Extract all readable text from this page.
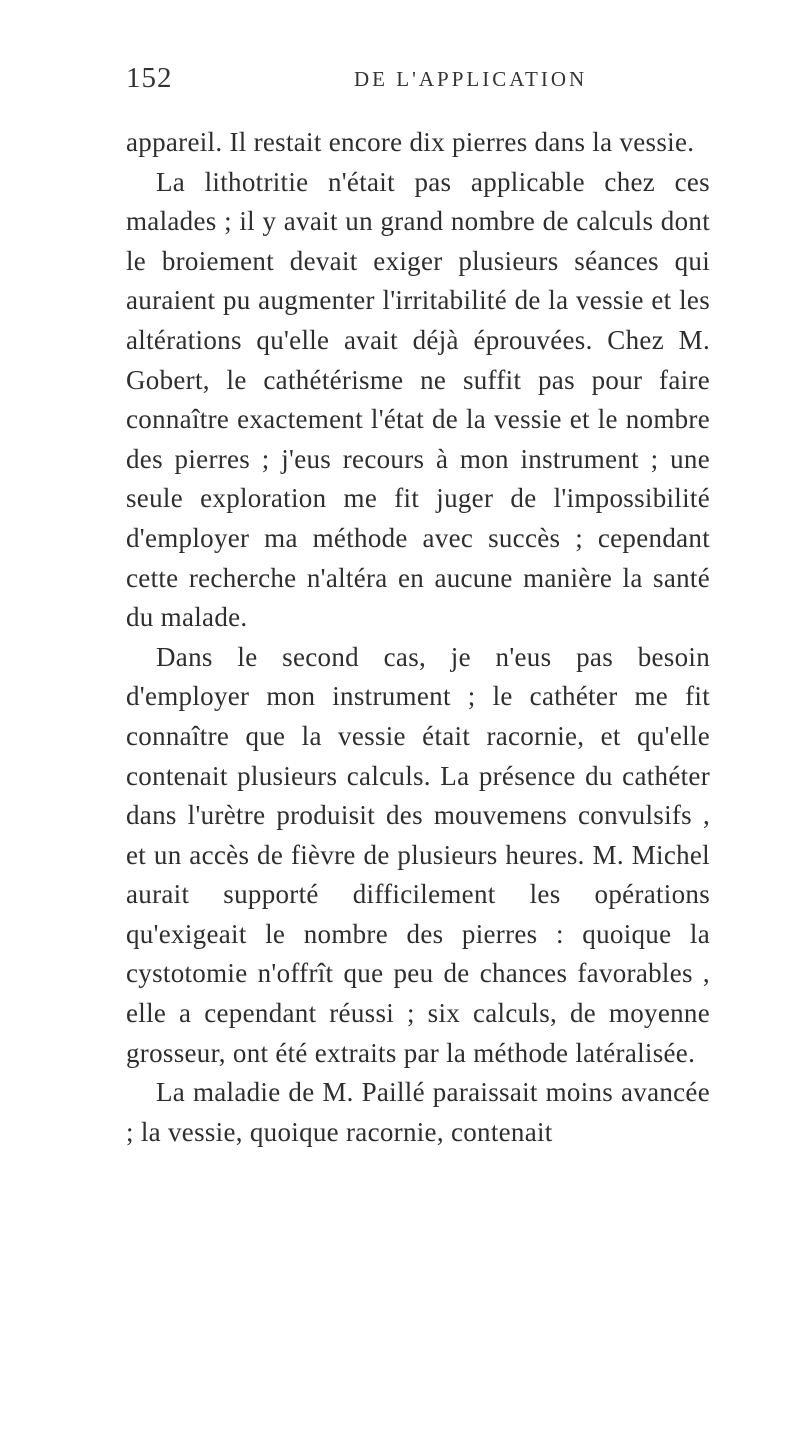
152	DE L'APPLICATION

appareil. Il restait encore dix pierres dans la vessie.

La lithotritie n'était pas applicable chez ces malades ; il y avait un grand nombre de calculs dont le broiement devait exiger plusieurs séances qui auraient pu augmenter l'irritabilité de la vessie et les altérations qu'elle avait déjà éprouvées. Chez M. Gobert, le cathétérisme ne suffit pas pour faire connaître exactement l'état de la vessie et le nombre des pierres ; j'eus recours à mon instrument ; une seule exploration me fit juger de l'impossibilité d'employer ma méthode avec succès ; cependant cette recherche n'altéra en aucune manière la santé du malade.

Dans le second cas, je n'eus pas besoin d'employer mon instrument ; le cathéter me fit connaître que la vessie était racornie, et qu'elle contenait plusieurs calculs. La présence du cathéter dans l'urètre produisit des mouvemens convulsifs , et un accès de fièvre de plusieurs heures. M. Michel aurait supporté difficilement les opérations qu'exigeait le nombre des pierres : quoique la cystotomie n'offrît que peu de chances favorables , elle a cependant réussi ; six calculs, de moyenne grosseur, ont été extraits par la méthode latéralisée.

La maladie de M. Paillé paraissait moins avancée ; la vessie, quoique racornie, contenait
